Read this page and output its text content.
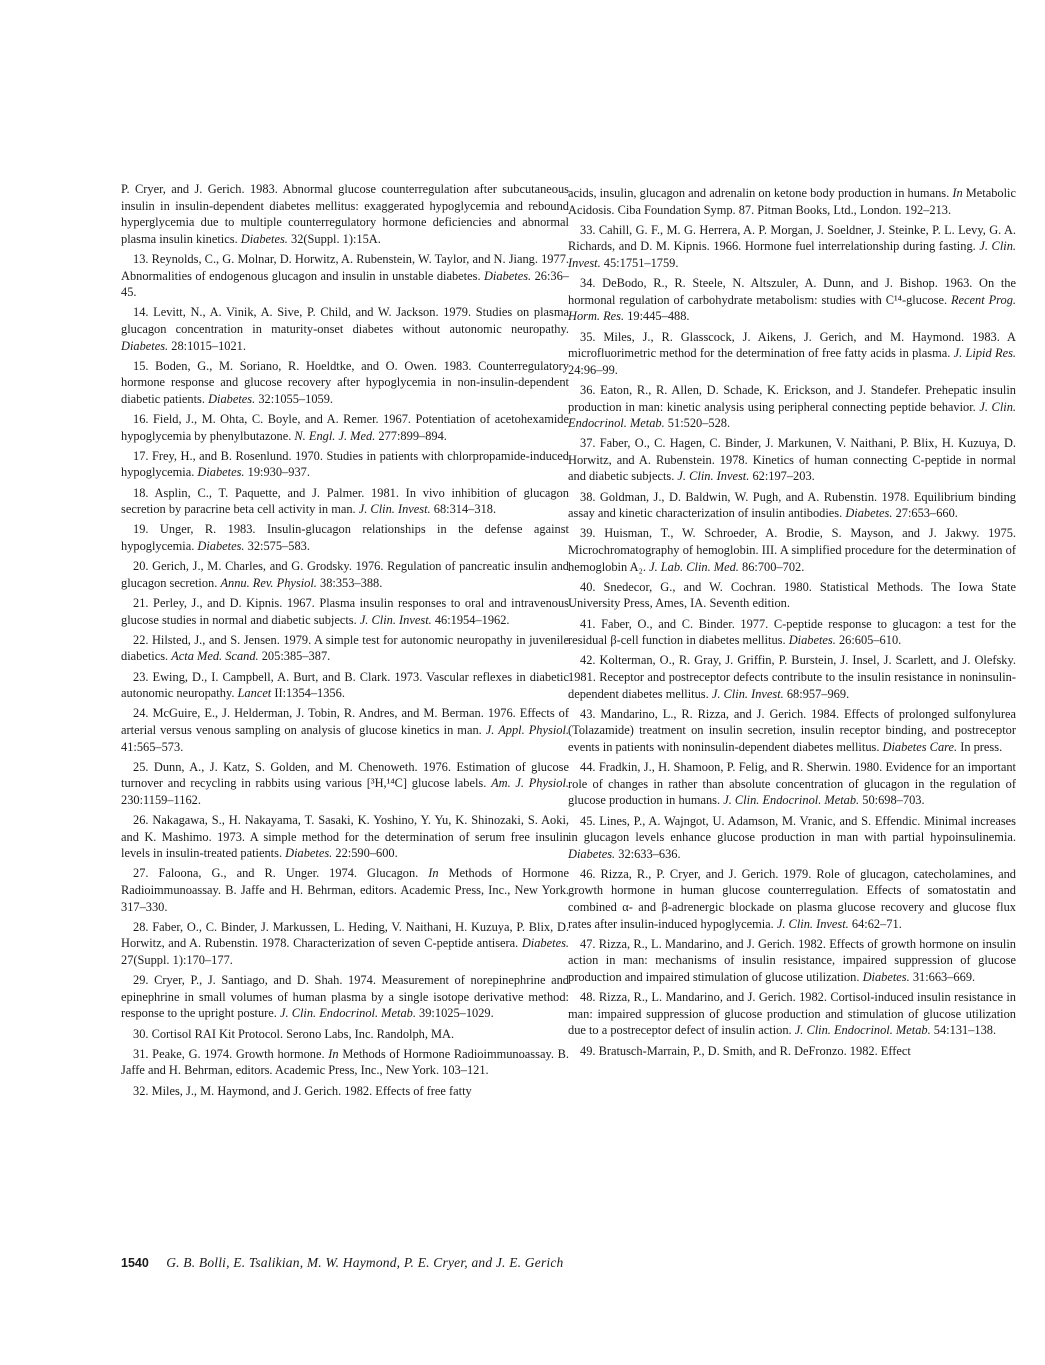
P. Cryer, and J. Gerich. 1983. Abnormal glucose counterregulation after subcutaneous insulin in insulin-dependent diabetes mellitus: exaggerated hypoglycemia and rebound hyperglycemia due to multiple counterregulatory hormone deficiencies and abnormal plasma insulin kinetics. Diabetes. 32(Suppl. 1):15A.

13. Reynolds, C., G. Molnar, D. Horwitz, A. Rubenstein, W. Taylor, and N. Jiang. 1977. Abnormalities of endogenous glucagon and insulin in unstable diabetes. Diabetes. 26:36–45.

14. Levitt, N., A. Vinik, A. Sive, P. Child, and W. Jackson. 1979. Studies on plasma glucagon concentration in maturity-onset diabetes without autonomic neuropathy. Diabetes. 28:1015–1021.

15. Boden, G., M. Soriano, R. Hoeldtke, and O. Owen. 1983. Counterregulatory hormone response and glucose recovery after hypoglycemia in non-insulin-dependent diabetic patients. Diabetes. 32:1055–1059.

16. Field, J., M. Ohta, C. Boyle, and A. Remer. 1967. Potentiation of acetohexamide hypoglycemia by phenylbutazone. N. Engl. J. Med. 277:899–894.

17. Frey, H., and B. Rosenlund. 1970. Studies in patients with chlorpropamide-induced hypoglycemia. Diabetes. 19:930–937.

18. Asplin, C., T. Paquette, and J. Palmer. 1981. In vivo inhibition of glucagon secretion by paracrine beta cell activity in man. J. Clin. Invest. 68:314–318.

19. Unger, R. 1983. Insulin-glucagon relationships in the defense against hypoglycemia. Diabetes. 32:575–583.

20. Gerich, J., M. Charles, and G. Grodsky. 1976. Regulation of pancreatic insulin and glucagon secretion. Annu. Rev. Physiol. 38:353–388.

21. Perley, J., and D. Kipnis. 1967. Plasma insulin responses to oral and intravenous glucose studies in normal and diabetic subjects. J. Clin. Invest. 46:1954–1962.

22. Hilsted, J., and S. Jensen. 1979. A simple test for autonomic neuropathy in juvenile diabetics. Acta Med. Scand. 205:385–387.

23. Ewing, D., I. Campbell, A. Burt, and B. Clark. 1973. Vascular reflexes in diabetic autonomic neuropathy. Lancet II:1354–1356.

24. McGuire, E., J. Helderman, J. Tobin, R. Andres, and M. Berman. 1976. Effects of arterial versus venous sampling on analysis of glucose kinetics in man. J. Appl. Physiol. 41:565–573.

25. Dunn, A., J. Katz, S. Golden, and M. Chenoweth. 1976. Estimation of glucose turnover and recycling in rabbits using various [³H,¹⁴C] glucose labels. Am. J. Physiol. 230:1159–1162.

26. Nakagawa, S., H. Nakayama, T. Sasaki, K. Yoshino, Y. Yu, K. Shinozaki, S. Aoki, and K. Mashimo. 1973. A simple method for the determination of serum free insulin levels in insulin-treated patients. Diabetes. 22:590–600.

27. Faloona, G., and R. Unger. 1974. Glucagon. In Methods of Hormone Radioimmunoassay. B. Jaffe and H. Behrman, editors. Academic Press, Inc., New York. 317–330.

28. Faber, O., C. Binder, J. Markussen, L. Heding, V. Naithani, H. Kuzuya, P. Blix, D. Horwitz, and A. Rubenstin. 1978. Characterization of seven C-peptide antisera. Diabetes. 27(Suppl. 1):170–177.

29. Cryer, P., J. Santiago, and D. Shah. 1974. Measurement of norepinephrine and epinephrine in small volumes of human plasma by a single isotope derivative method: response to the upright posture. J. Clin. Endocrinol. Metab. 39:1025–1029.

30. Cortisol RAI Kit Protocol. Serono Labs, Inc. Randolph, MA.

31. Peake, G. 1974. Growth hormone. In Methods of Hormone Radioimmunoassay. B. Jaffe and H. Behrman, editors. Academic Press, Inc., New York. 103–121.

32. Miles, J., M. Haymond, and J. Gerich. 1982. Effects of free fatty

acids, insulin, glucagon and adrenalin on ketone body production in humans. In Metabolic Acidosis. Ciba Foundation Symp. 87. Pitman Books, Ltd., London. 192–213.

33. Cahill, G. F., M. G. Herrera, A. P. Morgan, J. Soeldner, J. Steinke, P. L. Levy, G. A. Richards, and D. M. Kipnis. 1966. Hormone fuel interrelationship during fasting. J. Clin. Invest. 45:1751–1759.

34. DeBodo, R., R. Steele, N. Altszuler, A. Dunn, and J. Bishop. 1963. On the hormonal regulation of carbohydrate metabolism: studies with C¹⁴-glucose. Recent Prog. Horm. Res. 19:445–488.

35. Miles, J., R. Glasscock, J. Aikens, J. Gerich, and M. Haymond. 1983. A microfluorimetric method for the determination of free fatty acids in plasma. J. Lipid Res. 24:96–99.

36. Eaton, R., R. Allen, D. Schade, K. Erickson, and J. Standefer. Prehepatic insulin production in man: kinetic analysis using peripheral connecting peptide behavior. J. Clin. Endocrinol. Metab. 51:520–528.

37. Faber, O., C. Hagen, C. Binder, J. Markunen, V. Naithani, P. Blix, H. Kuzuya, D. Horwitz, and A. Rubenstein. 1978. Kinetics of human connecting C-peptide in normal and diabetic subjects. J. Clin. Invest. 62:197–203.

38. Goldman, J., D. Baldwin, W. Pugh, and A. Rubenstin. 1978. Equilibrium binding assay and kinetic characterization of insulin antibodies. Diabetes. 27:653–660.

39. Huisman, T., W. Schroeder, A. Brodie, S. Mayson, and J. Jakwy. 1975. Microchromatography of hemoglobin. III. A simplified procedure for the determination of hemoglobin A₂. J. Lab. Clin. Med. 86:700–702.

40. Snedecor, G., and W. Cochran. 1980. Statistical Methods. The Iowa State University Press, Ames, IA. Seventh edition.

41. Faber, O., and C. Binder. 1977. C-peptide response to glucagon: a test for the residual β-cell function in diabetes mellitus. Diabetes. 26:605–610.

42. Kolterman, O., R. Gray, J. Griffin, P. Burstein, J. Insel, J. Scarlett, and J. Olefsky. 1981. Receptor and postreceptor defects contribute to the insulin resistance in noninsulin-dependent diabetes mellitus. J. Clin. Invest. 68:957–969.

43. Mandarino, L., R. Rizza, and J. Gerich. 1984. Effects of prolonged sulfonylurea (Tolazamide) treatment on insulin secretion, insulin receptor binding, and postreceptor events in patients with noninsulin-dependent diabetes mellitus. Diabetes Care. In press.

44. Fradkin, J., H. Shamoon, P. Felig, and R. Sherwin. 1980. Evidence for an important role of changes in rather than absolute concentration of glucagon in the regulation of glucose production in humans. J. Clin. Endocrinol. Metab. 50:698–703.

45. Lines, P., A. Wajngot, U. Adamson, M. Vranic, and S. Effendic. Minimal increases in glucagon levels enhance glucose production in man with partial hypoinsulinemia. Diabetes. 32:633–636.

46. Rizza, R., P. Cryer, and J. Gerich. 1979. Role of glucagon, catecholamines, and growth hormone in human glucose counterregulation. Effects of somatostatin and combined α- and β-adrenergic blockade on plasma glucose recovery and glucose flux rates after insulin-induced hypoglycemia. J. Clin. Invest. 64:62–71.

47. Rizza, R., L. Mandarino, and J. Gerich. 1982. Effects of growth hormone on insulin action in man: mechanisms of insulin resistance, impaired suppression of glucose production and impaired stimulation of glucose utilization. Diabetes. 31:663–669.

48. Rizza, R., L. Mandarino, and J. Gerich. 1982. Cortisol-induced insulin resistance in man: impaired suppression of glucose production and stimulation of glucose utilization due to a postreceptor defect of insulin action. J. Clin. Endocrinol. Metab. 54:131–138.

49. Bratusch-Marrain, P., D. Smith, and R. DeFronzo. 1982. Effect

1540 G. B. Bolli, E. Tsalikian, M. W. Haymond, P. E. Cryer, and J. E. Gerich
